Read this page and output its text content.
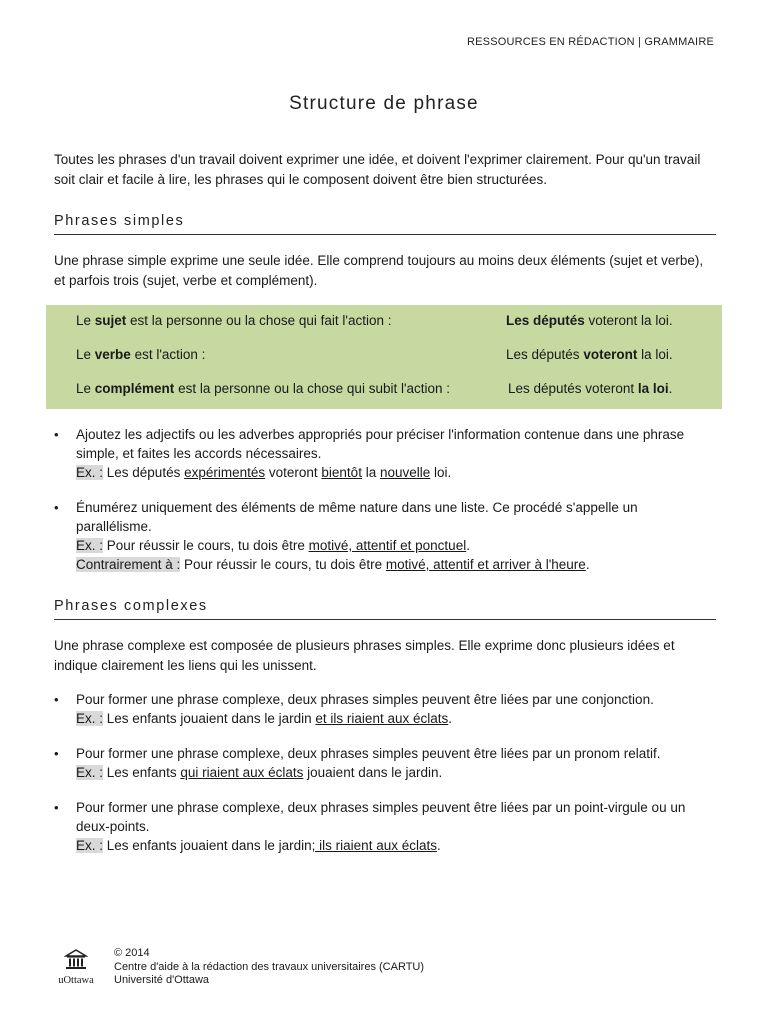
RESSOURCES EN RÉDACTION | GRAMMAIRE
Structure de phrase
Toutes les phrases d'un travail doivent exprimer une idée, et doivent l'exprimer clairement. Pour qu'un travail soit clair et facile à lire, les phrases qui le composent doivent être bien structurées.
Phrases simples
Une phrase simple exprime une seule idée. Elle comprend toujours au moins deux éléments (sujet et verbe), et parfois trois (sujet, verbe et complément).
Le sujet est la personne ou la chose qui fait l'action :	Les députés voteront la loi.
Le verbe est l'action :	Les députés voteront la loi.
Le complément est la personne ou la chose qui subit l'action :	Les députés voteront la loi.
• Ajoutez les adjectifs ou les adverbes appropriés pour préciser l'information contenue dans une phrase simple, et faites les accords nécessaires.
Ex. : Les députés expérimentés voteront bientôt la nouvelle loi.
• Énumérez uniquement des éléments de même nature dans une liste. Ce procédé s'appelle un parallélisme.
Ex. : Pour réussir le cours, tu dois être motivé, attentif et ponctuel.
Contrairement à : Pour réussir le cours, tu dois être motivé, attentif et arriver à l'heure.
Phrases complexes
Une phrase complexe est composée de plusieurs phrases simples. Elle exprime donc plusieurs idées et indique clairement les liens qui les unissent.
• Pour former une phrase complexe, deux phrases simples peuvent être liées par une conjonction.
Ex. : Les enfants jouaient dans le jardin et ils riaient aux éclats.
• Pour former une phrase complexe, deux phrases simples peuvent être liées par un pronom relatif.
Ex. : Les enfants qui riaient aux éclats jouaient dans le jardin.
• Pour former une phrase complexe, deux phrases simples peuvent être liées par un point-virgule ou un deux-points.
Ex. : Les enfants jouaient dans le jardin; ils riaient aux éclats.
uOttawa
© 2014
Centre d'aide à la rédaction des travaux universitaires (CARTU)
Université d'Ottawa
